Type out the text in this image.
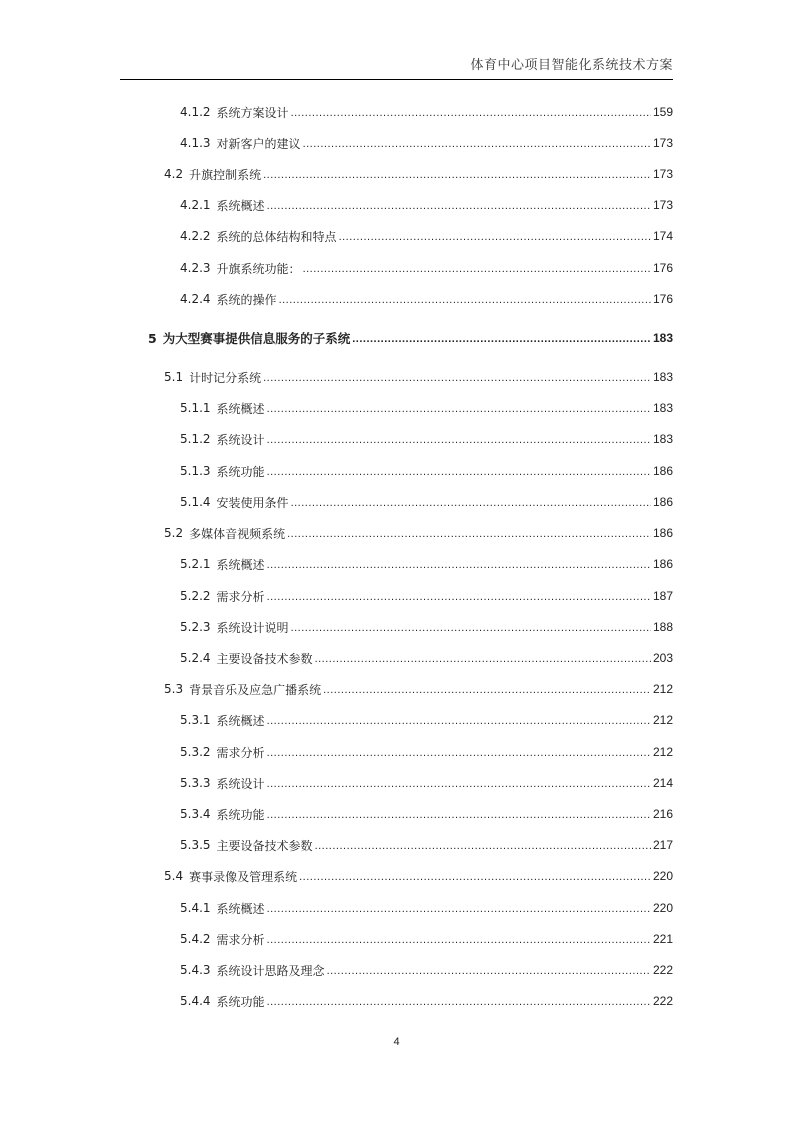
体育中心项目智能化系统技术方案
4.1.2 系统方案设计 .....	159
4.1.3 对新客户的建议 .....	173
4.2 升旗控制系统 .....	173
4.2.1 系统概述 .....	173
4.2.2 系统的总体结构和特点 .....	174
4.2.3 升旗系统功能： .....	176
4.2.4 系统的操作 .....	176
5 为大型赛事提供信息服务的子系统 .....	183
5.1 计时记分系统 .....	183
5.1.1 系统概述 .....	183
5.1.2 系统设计 .....	183
5.1.3 系统功能 .....	186
5.1.4 安装使用条件 .....	186
5.2 多媒体音视频系统 .....	186
5.2.1 系统概述 .....	186
5.2.2 需求分析 .....	187
5.2.3 系统设计说明 .....	188
5.2.4 主要设备技术参数 .....	203
5.3 背景音乐及应急广播系统 .....	212
5.3.1 系统概述 .....	212
5.3.2 需求分析 .....	212
5.3.3 系统设计 .....	214
5.3.4 系统功能 .....	216
5.3.5 主要设备技术参数 .....	217
5.4 赛事录像及管理系统 .....	220
5.4.1 系统概述 .....	220
5.4.2 需求分析 .....	221
5.4.3 系统设计思路及理念 .....	222
5.4.4 系统功能 .....	222
4
